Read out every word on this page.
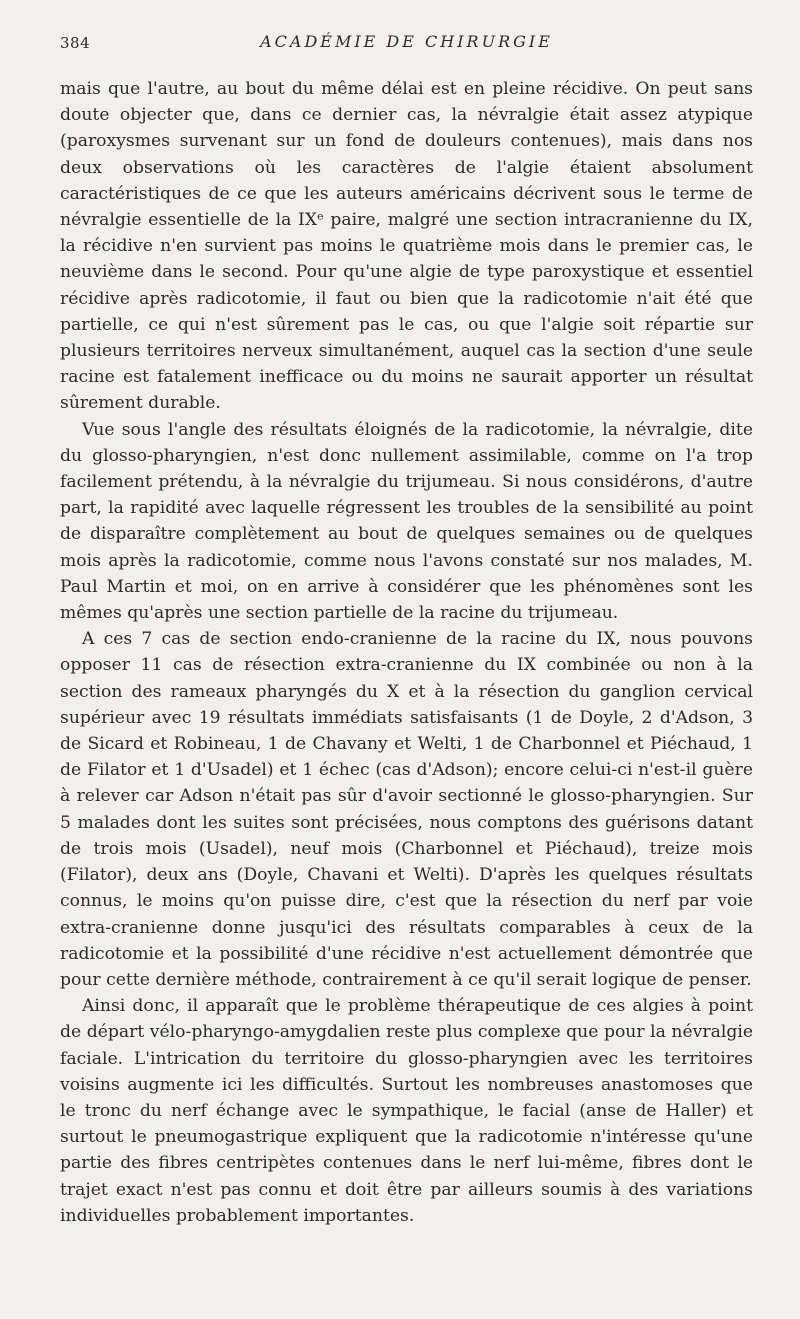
384	ACADÉMIE DE CHIRURGIE

mais que l'autre, au bout du même délai est en pleine récidive. On peut sans doute objecter que, dans ce dernier cas, la névralgie était assez atypique (paroxysmes survenant sur un fond de douleurs contenues), mais dans nos deux observations où les caractères de l'algie étaient absolument caractéristiques de ce que les auteurs américains décrivent sous le terme de névralgie essentielle de la IXᵉ paire, malgré une section intracranienne du IX, la récidive n'en survient pas moins le quatrième mois dans le premier cas, le neuvième dans le second. Pour qu'une algie de type paroxystique et essentiel récidive après radicotomie, il faut ou bien que la radicotomie n'ait été que partielle, ce qui n'est sûrement pas le cas, ou que l'algie soit répartie sur plusieurs territoires nerveux simultanément, auquel cas la section d'une seule racine est fatalement inefficace ou du moins ne saurait apporter un résultat sûrement durable.

Vue sous l'angle des résultats éloignés de la radicotomie, la névralgie, dite du glosso-pharyngien, n'est donc nullement assimilable, comme on l'a trop facilement prétendu, à la névralgie du trijumeau. Si nous considérons, d'autre part, la rapidité avec laquelle régressent les troubles de la sensibilité au point de disparaître complètement au bout de quelques semaines ou de quelques mois après la radicotomie, comme nous l'avons constaté sur nos malades, M. Paul Martin et moi, on en arrive à considérer que les phénomènes sont les mêmes qu'après une section partielle de la racine du trijumeau.

A ces 7 cas de section endo-cranienne de la racine du IX, nous pouvons opposer 11 cas de résection extra-cranienne du IX combinée ou non à la section des rameaux pharyngés du X et à la résection du ganglion cervical supérieur avec 19 résultats immédiats satisfaisants (1 de Doyle, 2 d'Adson, 3 de Sicard et Robineau, 1 de Chavany et Welti, 1 de Charbonnel et Piéchaud, 1 de Filator et 1 d'Usadel) et 1 échec (cas d'Adson); encore celui-ci n'est-il guère à relever car Adson n'était pas sûr d'avoir sectionné le glosso-pharyngien. Sur 5 malades dont les suites sont précisées, nous comptons des guérisons datant de trois mois (Usadel), neuf mois (Charbonnel et Piéchaud), treize mois (Filator), deux ans (Doyle, Chavani et Welti). D'après les quelques résultats connus, le moins qu'on puisse dire, c'est que la résection du nerf par voie extra-cranienne donne jusqu'ici des résultats comparables à ceux de la radicotomie et la possibilité d'une récidive n'est actuellement démontrée que pour cette dernière méthode, contrairement à ce qu'il serait logique de penser.

Ainsi donc, il apparaît que le problème thérapeutique de ces algies à point de départ vélo-pharyngo-amygdalien reste plus complexe que pour la névralgie faciale. L'intrication du territoire du glosso-pharyngien avec les territoires voisins augmente ici les difficultés. Surtout les nombreuses anastomoses que le tronc du nerf échange avec le sympathique, le facial (anse de Haller) et surtout le pneumogastrique expliquent que la radicotomie n'intéresse qu'une partie des fibres centripètes contenues dans le nerf lui-même, fibres dont le trajet exact n'est pas connu et doit être par ailleurs soumis à des variations individuelles probablement importantes.
